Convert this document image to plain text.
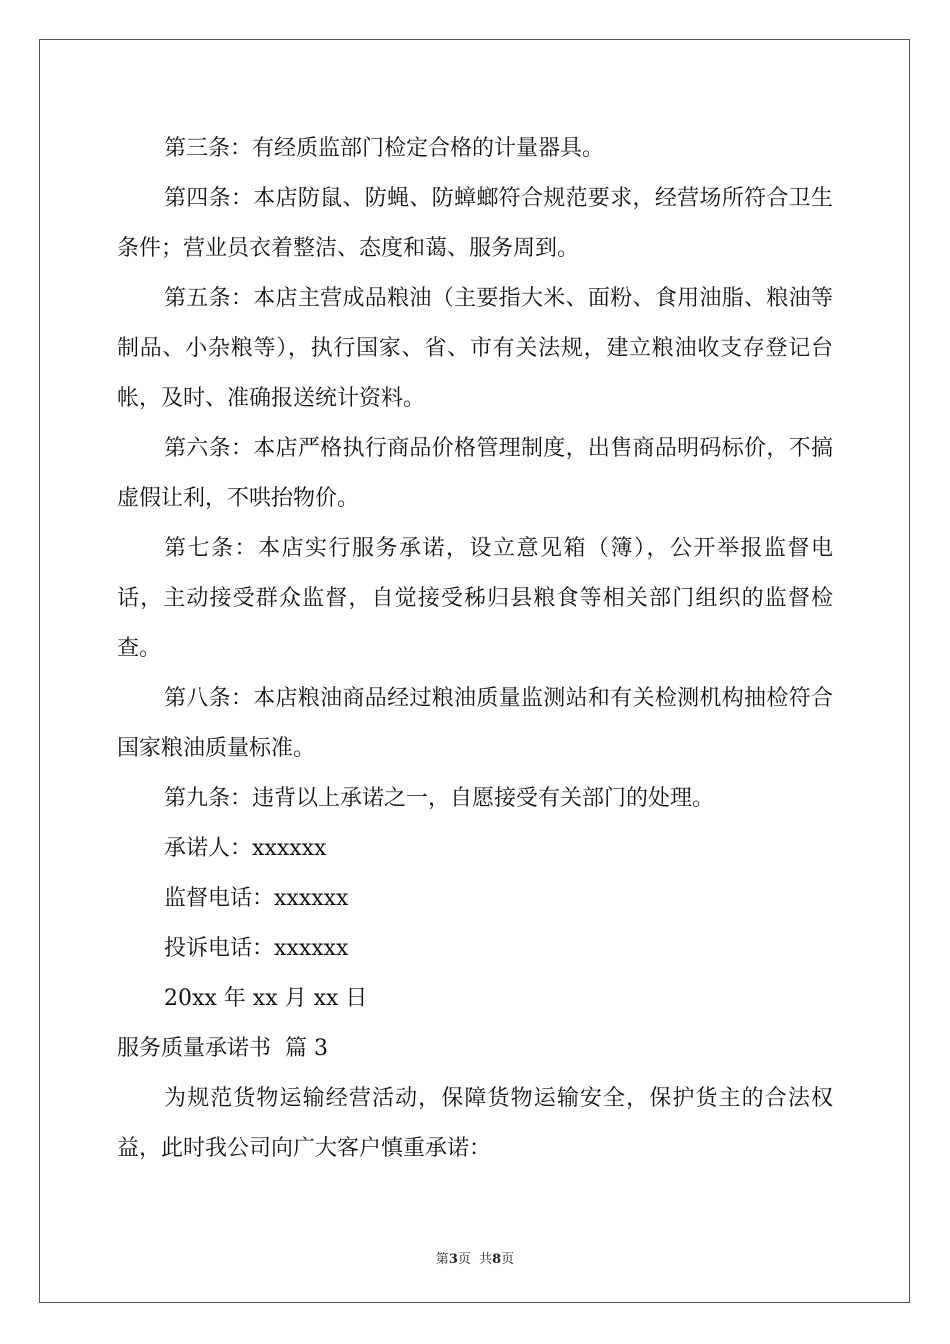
第三条：有经质监部门检定合格的计量器具。

第四条：本店防鼠、防蝇、防蟑螂符合规范要求，经营场所符合卫生条件；营业员衣着整洁、态度和蔼、服务周到。

第五条：本店主营成品粮油（主要指大米、面粉、食用油脂、粮油等制品、小杂粮等），执行国家、省、市有关法规，建立粮油收支存登记台帐，及时、准确报送统计资料。

第六条：本店严格执行商品价格管理制度，出售商品明码标价，不搞虚假让利，不哄抬物价。

第七条：本店实行服务承诺，设立意见箱（簿），公开举报监督电话，主动接受群众监督，自觉接受秭归县粮食等相关部门组织的监督检查。

第八条：本店粮油商品经过粮油质量监测站和有关检测机构抽检符合国家粮油质量标准。

第九条：违背以上承诺之一，自愿接受有关部门的处理。

承诺人：xxxxxx

监督电话：xxxxxx

投诉电话：xxxxxx

20xx 年 xx 月 xx 日

服务质量承诺书  篇 3

为规范货物运输经营活动，保障货物运输安全，保护货主的合法权益，此时我公司向广大客户慎重承诺：

第3页  共8页
